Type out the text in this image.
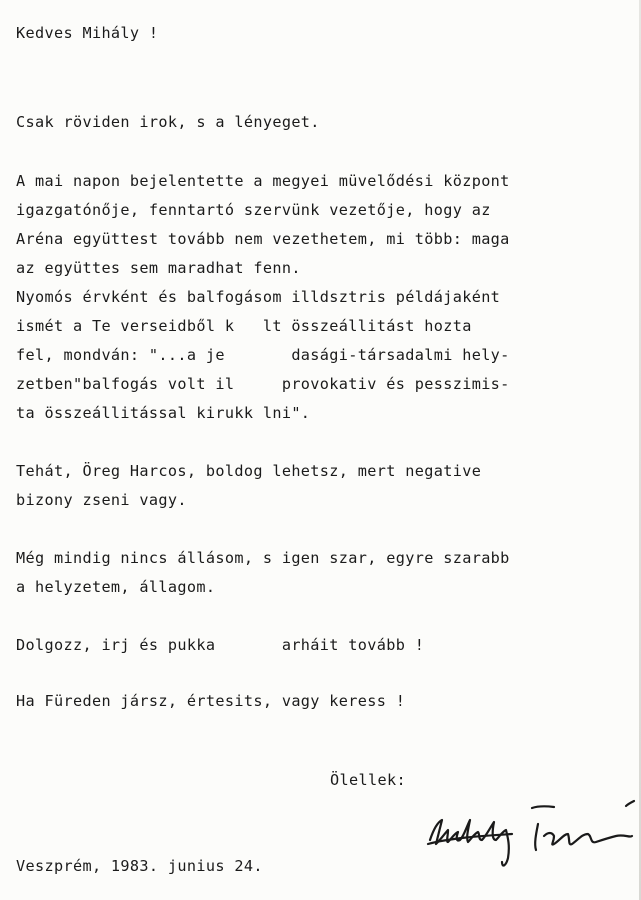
Kedves Mihály !

Csak röviden irok, s a lényeget.

A mai napon bejelentette a megyei müvelődési központ

igazgatónője, fenntartó szervünk vezetője, hogy az

Aréna együttest tovább nem vezethetem, mi több: maga

az együttes sem maradhat fenn.

Nyomós érvként és balfogásom illdsztris példájaként

ismét a Te verseidből k   lt összeállitást hozta

fel, mondván: "...a je       dasági-társadalmi hely-

zetben"balfogás volt il     provokativ és pesszimis-

ta összeállitással kirukk lni".

Tehát, Öreg Harcos, boldog lehetsz, mert negative

bizony zseni vagy.

Még mindig nincs állásom, s igen szar, egyre szarabb

a helyzetem, állagom.

Dolgozz, irj és pukka       arháit tovább !

Ha Füreden jársz, értesits, vagy keress !

Ölellek:

Veszprém, 1983. junius 24.
